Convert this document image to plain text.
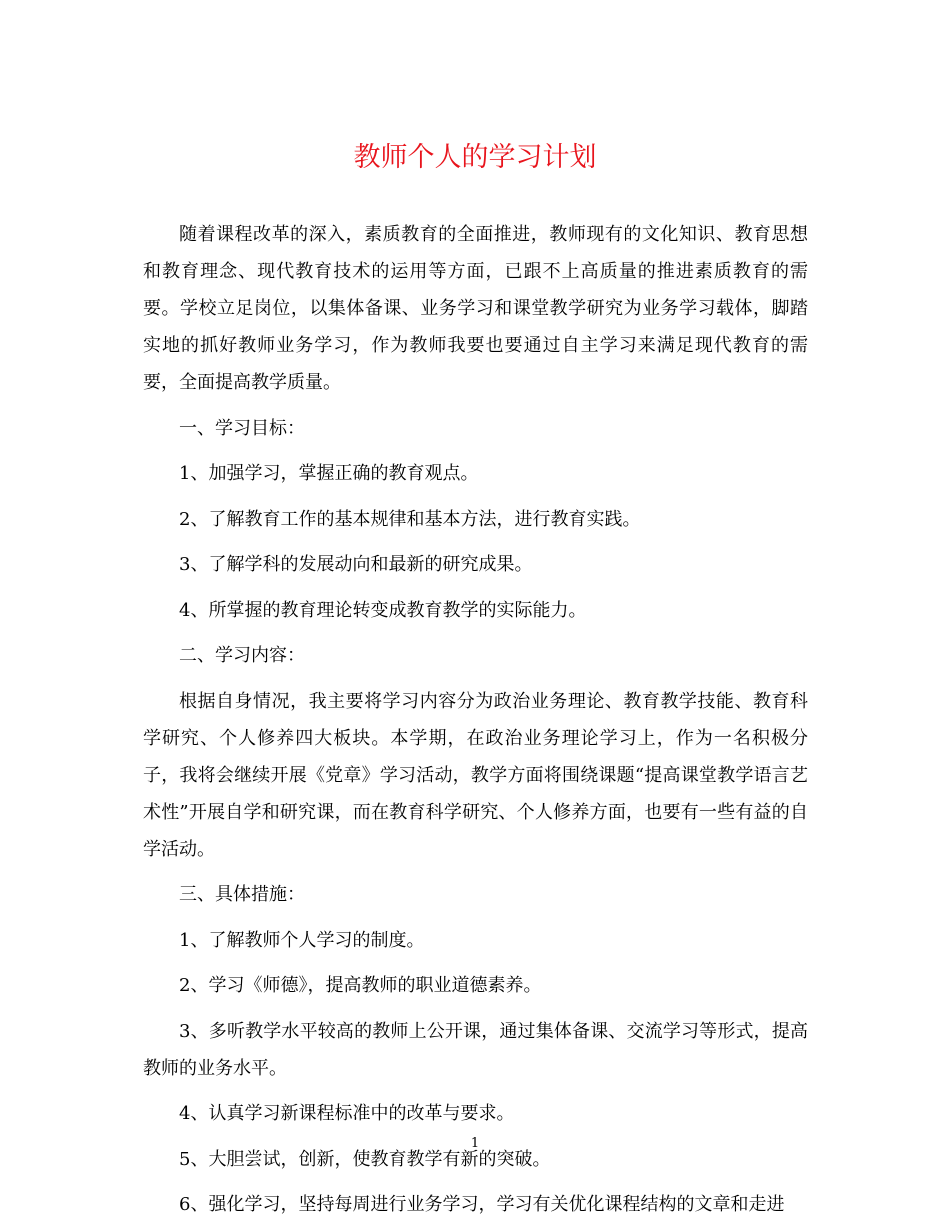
教师个人的学习计划

随着课程改革的深入，素质教育的全面推进，教师现有的文化知识、教育思想和教育理念、现代教育技术的运用等方面，已跟不上高质量的推进素质教育的需要。学校立足岗位，以集体备课、业务学习和课堂教学研究为业务学习载体，脚踏实地的抓好教师业务学习，作为教师我要也要通过自主学习来满足现代教育的需要，全面提高教学质量。

一、学习目标：

1、加强学习，掌握正确的教育观点。

2、了解教育工作的基本规律和基本方法，进行教育实践。

3、了解学科的发展动向和最新的研究成果。

4、所掌握的教育理论转变成教育教学的实际能力。

二、学习内容：

根据自身情况，我主要将学习内容分为政治业务理论、教育教学技能、教育科学研究、个人修养四大板块。本学期，在政治业务理论学习上，作为一名积极分子，我将会继续开展《党章》学习活动，教学方面将围绕课题“提高课堂教学语言艺术性”开展自学和研究课，而在教育科学研究、个人修养方面，也要有一些有益的自学活动。

三、具体措施：

1、了解教师个人学习的制度。

2、学习《师德》，提高教师的职业道德素养。

3、多听教学水平较高的教师上公开课，通过集体备课、交流学习等形式，提高教师的业务水平。

4、认真学习新课程标准中的改革与要求。

5、大胆尝试，创新，使教育教学有新的突破。

6、强化学习，坚持每周进行业务学习，学习有关优化课程结构的文章和走进

1
